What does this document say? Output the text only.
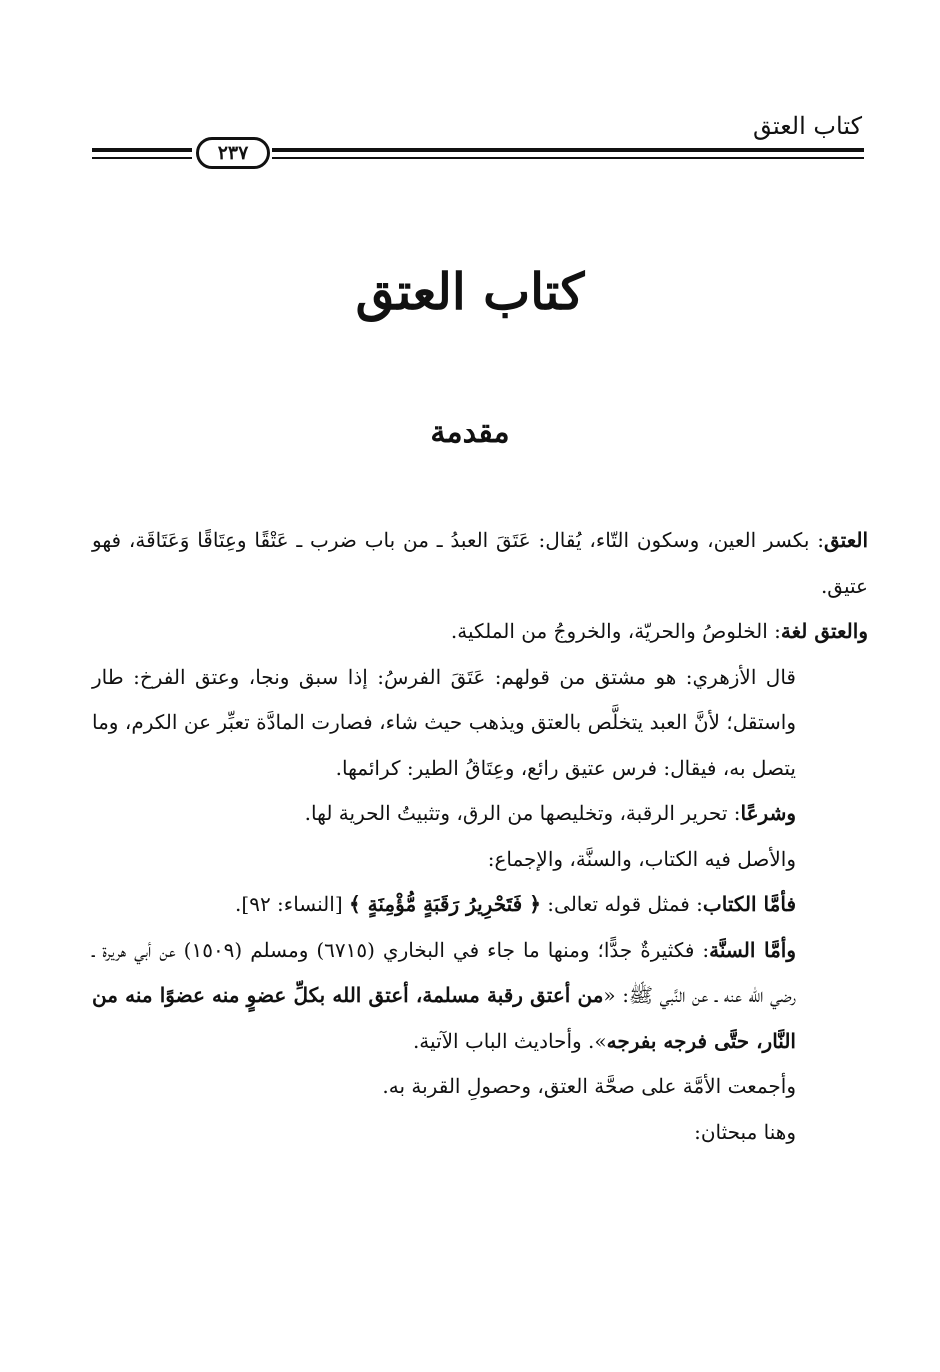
كتاب العتق
٢٣٧
كتاب العتق
مقدمة

العتق: بكسر العين، وسكون التّاء، يُقال: عَتَقَ العبدُ ـ من باب ضرب ـ عَتْقًا وعِتَاقًا وَعَتَاقَة، فهو عتيق.

والعتق لغة: الخلوصُ والحريّة، والخروجُ من الملكية.

قال الأزهري: هو مشتق من قولهم: عَتَقَ الفرسُ: إذا سبق ونجا، وعتق الفرخ: طار واستقل؛ لأنَّ العبد يتخلَّص بالعتق ويذهب حيث شاء، فصارت المادَّة تعبِّر عن الكرم، وما يتصل به، فيقال: فرس عتيق رائع، وعِتَاقُ الطير: كرائمها.

وشرعًا: تحرير الرقبة، وتخليصها من الرق، وتثبيتُ الحرية لها.

والأصل فيه الكتاب، والسنَّة، والإجماع:

فأمَّا الكتاب: فمثل قوله تعالى: ﴿ فَتَحْرِيرُ رَقَبَةٍ مُّؤْمِنَةٍ ﴾ [النساء: ٩٢].

وأمَّا السنَّة: فكثيرةٌ جدًّا؛ ومنها ما جاء في البخاري (٦٧١٥) ومسلم (١٥٠٩) عن أبي هريرة ـ رضي الله عنه ـ عن النَّبي ﷺ: «من أعتق رقبة مسلمة، أعتق الله بكلِّ عضوٍ منه عضوًا منه من النَّار، حتَّى فرجه بفرجه». وأحاديث الباب الآتية.

وأجمعت الأمَّة على صحَّة العتق، وحصولِ القربة به.

وهنا مبحثان:
